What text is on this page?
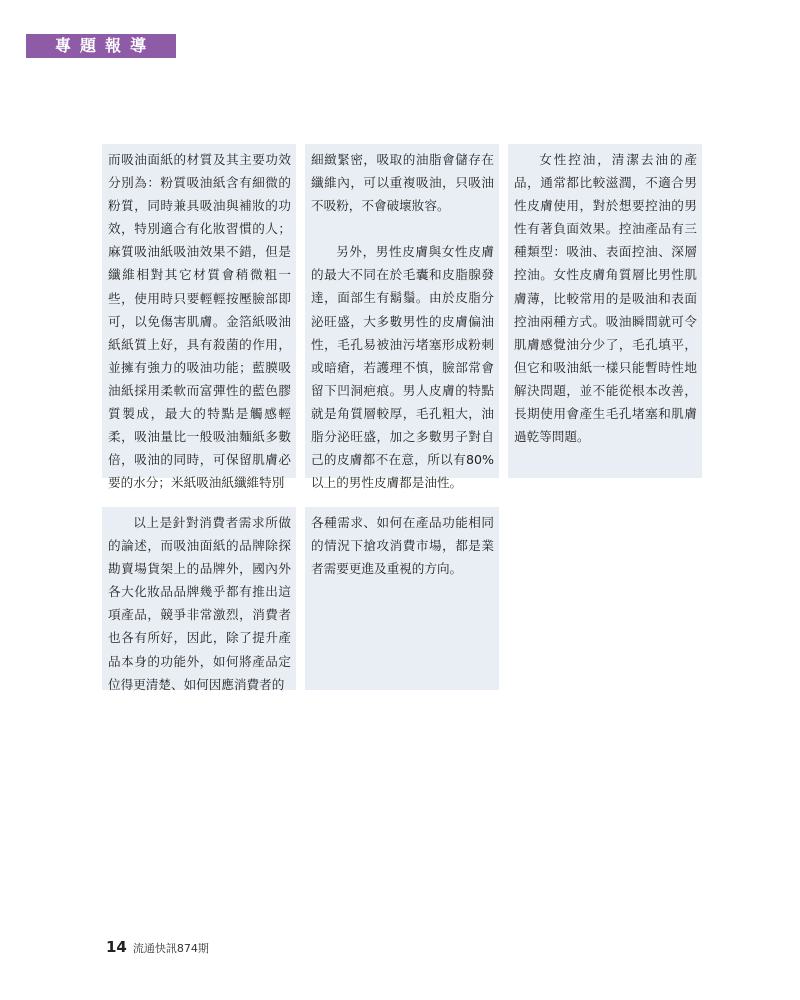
專題報導

而吸油面紙的材質及其主要功效分別為：粉質吸油紙含有細微的粉質，同時兼具吸油與補妝的功效，特別適合有化妝習慣的人；麻質吸油紙吸油效果不錯，但是纖維相對其它材質會稍微粗一些，使用時只要輕輕按壓臉部即可，以免傷害肌膚。金箔紙吸油紙紙質上好，具有殺菌的作用，並擁有強力的吸油功能；藍膜吸油紙採用柔軟而富彈性的藍色膠質製成，最大的特點是觸感輕柔，吸油量比一般吸油麵紙多數倍，吸油的同時，可保留肌膚必要的水分；米紙吸油紙纖維特別

細緻緊密，吸取的油脂會儲存在纖維內，可以重複吸油，只吸油不吸粉，不會破壞妝容。

另外，男性皮膚與女性皮膚的最大不同在於毛囊和皮脂腺發達，面部生有鬍鬚。由於皮脂分泌旺盛，大多數男性的皮膚偏油性，毛孔易被油污堵塞形成粉刺或暗瘡，若護理不慎，臉部常會留下凹洞疤痕。男人皮膚的特點就是角質層較厚，毛孔粗大，油脂分泌旺盛，加之多數男子對自己的皮膚都不在意，所以有80%以上的男性皮膚都是油性。

女性控油，清潔去油的產品，通常都比較滋潤，不適合男性皮膚使用，對於想要控油的男性有著負面效果。控油產品有三種類型：吸油、表面控油、深層控油。女性皮膚角質層比男性肌膚薄，比較常用的是吸油和表面控油兩種方式。吸油瞬間就可令肌膚感覺油分少了，毛孔填平，但它和吸油紙一樣只能暫時性地解決問題，並不能從根本改善，長期使用會產生毛孔堵塞和肌膚過乾等問題。

以上是針對消費者需求所做的論述，而吸油面紙的品牌除探勘賣場貨架上的品牌外，國內外各大化妝品品牌幾乎都有推出這項產品，競爭非常激烈，消費者也各有所好，因此，除了提升產品本身的功能外，如何將產品定位得更清楚、如何因應消費者的

各種需求、如何在產品功能相同的情況下搶攻消費市場，都是業者需要更進及重視的方向。

14 流通快訊874期
